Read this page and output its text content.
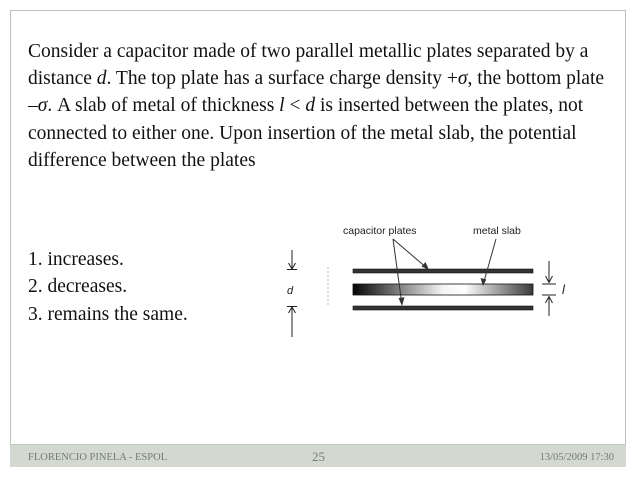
Consider a capacitor made of two parallel metallic plates separated by a distance d. The top plate has a surface charge density +σ, the bottom plate –σ. A slab of metal of thickness l < d is inserted between the plates, not connected to either one. Upon insertion of the metal slab, the potential difference between the plates

1. increases.
2. decreases.
3. remains the same.
capacitor plates	metal slab
d	l
FLORENCIO PINELA - ESPOL	25	13/05/2009 17:30
